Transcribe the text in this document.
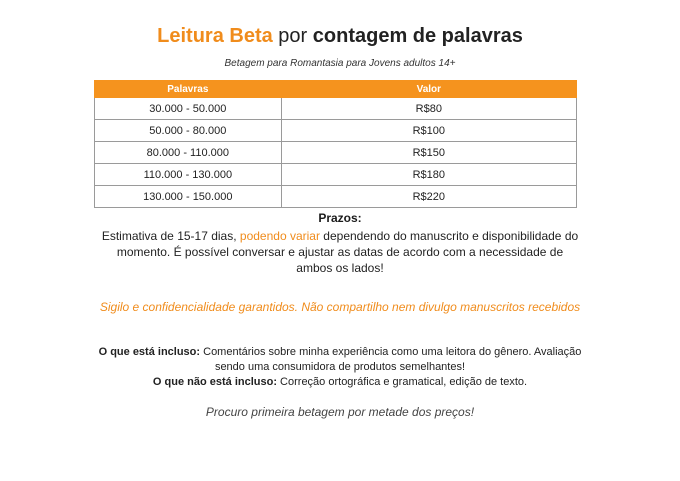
Leitura Beta por contagem de palavras
Betagem para Romantasia para Jovens adultos 14+
Palavras	Valor
30.000 - 50.000	R$80
50.000 - 80.000	R$100
80.000 - 110.000	R$150
110.000 - 130.000	R$180
130.000 - 150.000	R$220
Prazos:
Estimativa de 15-17 dias, podendo variar dependendo do manuscrito e disponibilidade do momento. É possível conversar e ajustar as datas de acordo com a necessidade de ambos os lados!
Sigilo e confidencialidade garantidos. Não compartilho nem divulgo manuscritos recebidos
O que está incluso: Comentários sobre minha experiência como uma leitora do gênero. Avaliação sendo uma consumidora de produtos semelhantes!
O que não está incluso: Correção ortográfica e gramatical, edição de texto.
Procuro primeira betagem por metade dos preços!
